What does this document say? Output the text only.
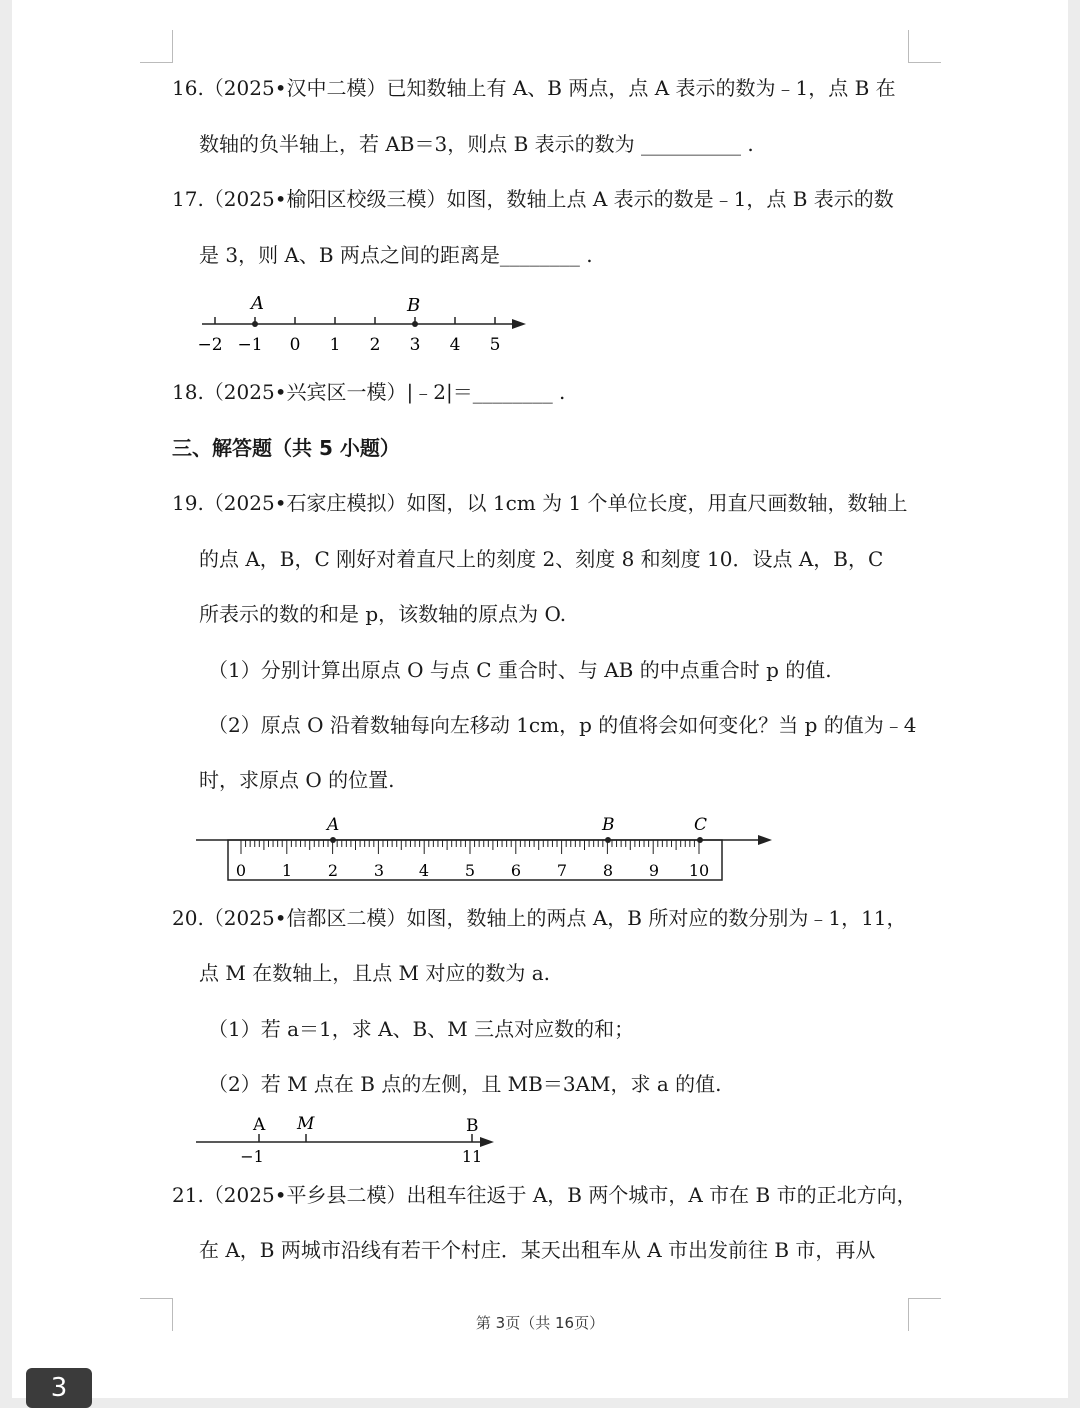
16.（2025•汉中二模）已知数轴上有 A、B 两点，点 A 表示的数为﹣1，点 B 在
数轴的负半轴上，若 AB＝3，则点 B 表示的数为 __________ .
17.（2025•榆阳区校级三模）如图，数轴上点 A 表示的数是﹣1，点 B 表示的数
是 3，则 A、B 两点之间的距离是________ .
A	B
−2 −1 0 1 2 3 4 5
18.（2025•兴宾区一模）|﹣2|＝________ .
三、解答题（共 5 小题）
19.（2025•石家庄模拟）如图，以 1cm 为 1 个单位长度，用直尺画数轴，数轴上
的点 A，B，C 刚好对着直尺上的刻度 2、刻度 8 和刻度 10．设点 A，B，C
所表示的数的和是 p，该数轴的原点为 O.
（1）分别计算出原点 O 与点 C 重合时、与 AB 的中点重合时 p 的值.
（2）原点 O 沿着数轴每向左移动 1cm，p 的值将会如何变化？当 p 的值为﹣4
时，求原点 O 的位置.
A	B	C
0 1 2 3 4 5 6 7 8 9 10
20.（2025•信都区二模）如图，数轴上的两点 A，B 所对应的数分别为﹣1，11，
点 M 在数轴上，且点 M 对应的数为 a.
（1）若 a＝1，求 A、B、M 三点对应数的和；
（2）若 M 点在 B 点的左侧，且 MB＝3AM，求 a 的值.
A M	B
−1	11
21.（2025•平乡县二模）出租车往返于 A，B 两个城市，A 市在 B 市的正北方向，
在 A，B 两城市沿线有若干个村庄．某天出租车从 A 市出发前往 B 市，再从
第 3页（共 16页）
3
